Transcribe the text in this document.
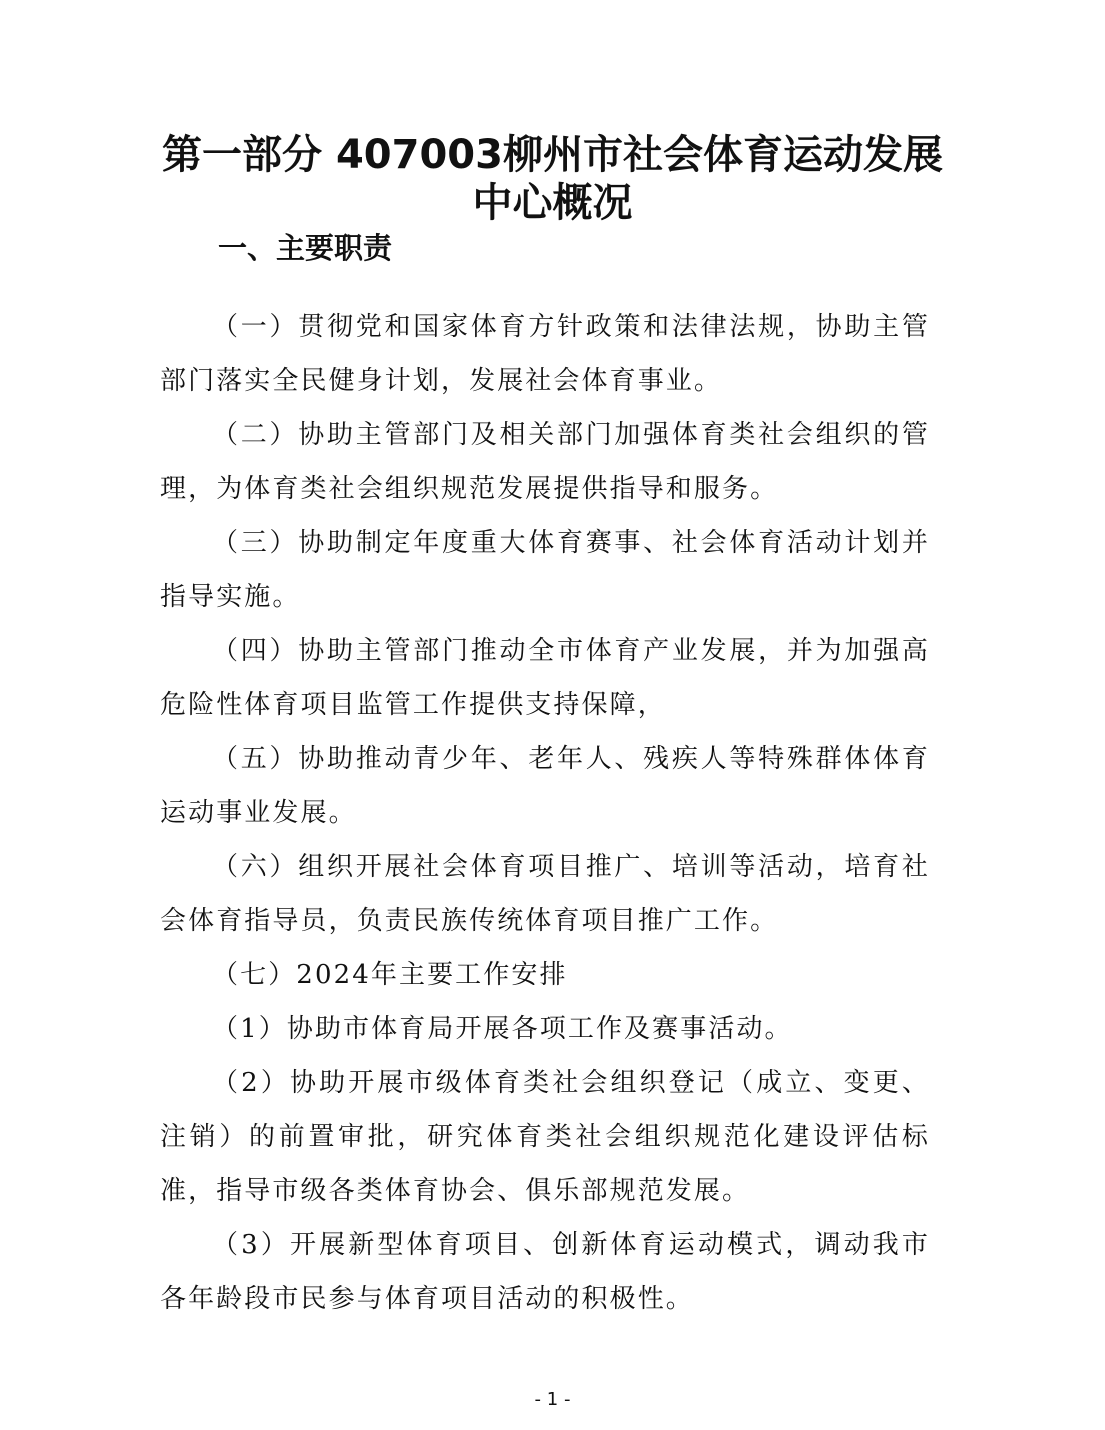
第一部分 407003柳州市社会体育运动发展
中心概况
一、主要职责

（一）贯彻党和国家体育方针政策和法律法规，协助主管部门落实全民健身计划，发展社会体育事业。

（二）协助主管部门及相关部门加强体育类社会组织的管理，为体育类社会组织规范发展提供指导和服务。

（三）协助制定年度重大体育赛事、社会体育活动计划并指导实施。

（四）协助主管部门推动全市体育产业发展，并为加强高危险性体育项目监管工作提供支持保障，

（五）协助推动青少年、老年人、残疾人等特殊群体体育运动事业发展。

（六）组织开展社会体育项目推广、培训等活动，培育社会体育指导员，负责民族传统体育项目推广工作。

（七）2024年主要工作安排

（1）协助市体育局开展各项工作及赛事活动。

（2）协助开展市级体育类社会组织登记（成立、变更、注销）的前置审批，研究体育类社会组织规范化建设评估标准，指导市级各类体育协会、俱乐部规范发展。

（3）开展新型体育项目、创新体育运动模式，调动我市各年龄段市民参与体育项目活动的积极性。

- 1 -
